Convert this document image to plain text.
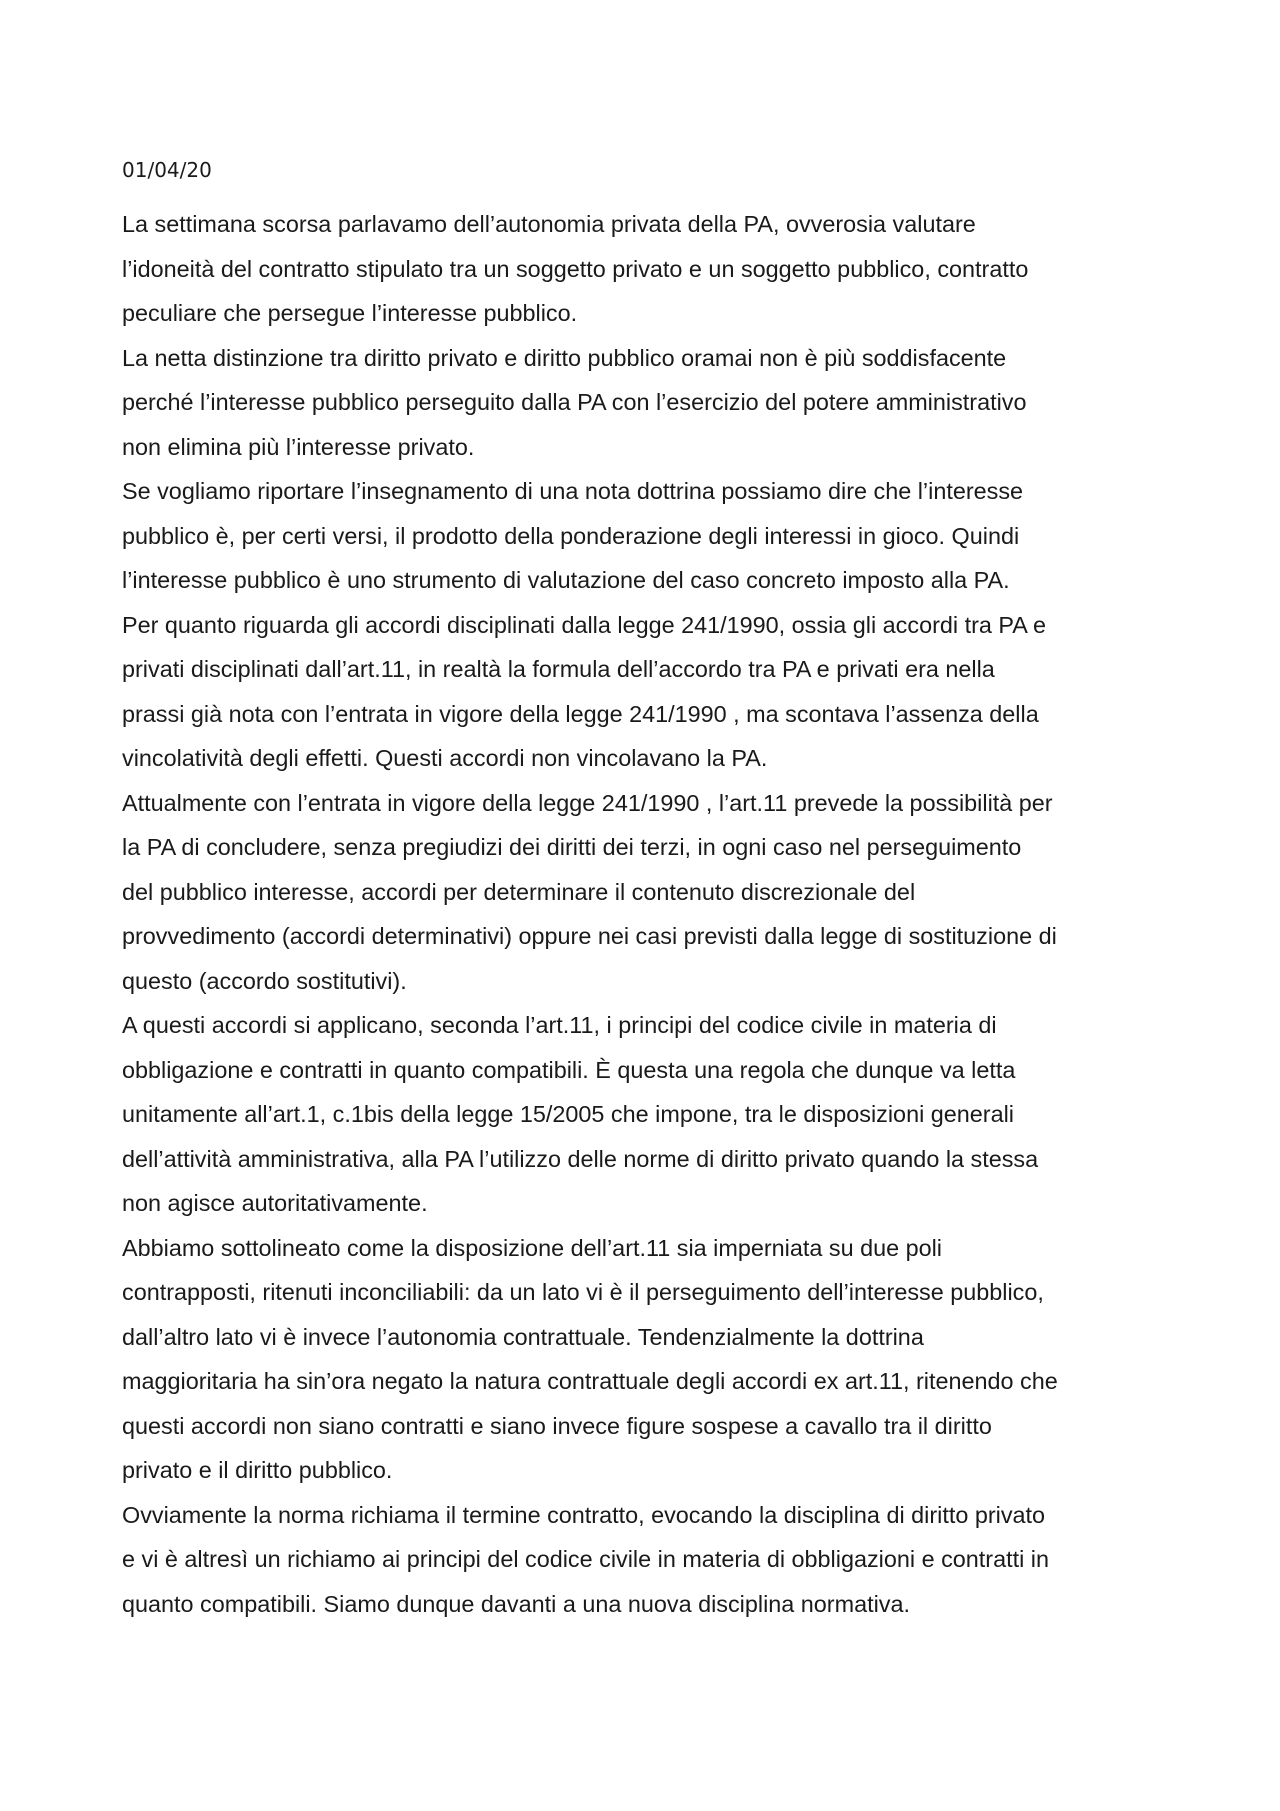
01/04/20

La settimana scorsa parlavamo dell’autonomia privata della PA, ovverosia valutare
l’idoneità del contratto stipulato tra un soggetto privato e un soggetto pubblico, contratto
peculiare che persegue l’interesse pubblico.

La netta distinzione tra diritto privato e diritto pubblico oramai non è più soddisfacente
perché l’interesse pubblico perseguito dalla PA con l’esercizio del potere amministrativo
non elimina più l’interesse privato.

Se vogliamo riportare l’insegnamento di una nota dottrina possiamo dire che l’interesse
pubblico è, per certi versi, il prodotto della ponderazione degli interessi in gioco. Quindi
l’interesse pubblico è uno strumento di valutazione del caso concreto imposto alla PA.

Per quanto riguarda gli accordi disciplinati dalla legge 241/1990, ossia gli accordi tra PA e
privati disciplinati dall’art.11, in realtà la formula dell’accordo tra PA e privati era nella
prassi già nota con l’entrata in vigore della legge 241/1990 , ma scontava l’assenza della
vincolatività degli effetti. Questi accordi non vincolavano la PA.

Attualmente con l’entrata in vigore della legge 241/1990 , l’art.11 prevede la possibilità per
la PA di concludere, senza pregiudizi dei diritti dei terzi, in ogni caso nel perseguimento
del pubblico interesse, accordi per determinare il contenuto discrezionale del
provvedimento (accordi determinativi) oppure nei casi previsti dalla legge di sostituzione di
questo (accordo sostitutivi).

A questi accordi si applicano, seconda l’art.11, i principi del codice civile in materia di
obbligazione e contratti in quanto compatibili. È questa una regola che dunque va letta
unitamente all’art.1, c.1bis della legge 15/2005 che impone, tra le disposizioni generali
dell’attività amministrativa, alla PA l’utilizzo delle norme di diritto privato quando la stessa
non agisce autoritativamente.

Abbiamo sottolineato come la disposizione dell’art.11 sia imperniata su due poli
contrapposti, ritenuti inconciliabili: da un lato vi è il perseguimento dell’interesse pubblico,
dall’altro lato vi è invece l’autonomia contrattuale. Tendenzialmente la dottrina
maggioritaria ha sin’ora negato la natura contrattuale degli accordi ex art.11, ritenendo che
questi accordi non siano contratti e siano invece figure sospese a cavallo tra il diritto
privato e il diritto pubblico.

Ovviamente la norma richiama il termine contratto, evocando la disciplina di diritto privato
e vi è altresì un richiamo ai principi del codice civile in materia di obbligazioni e contratti in
quanto compatibili. Siamo dunque davanti a una nuova disciplina normativa.
